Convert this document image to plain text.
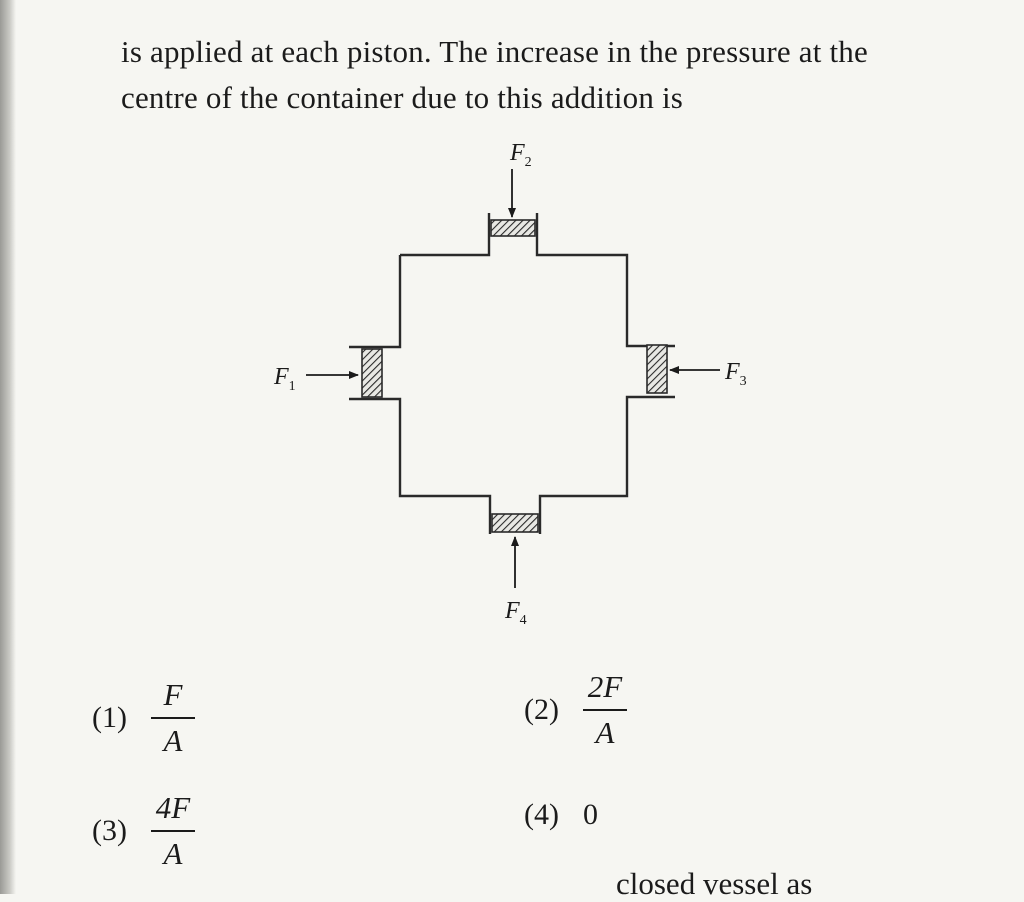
is applied at each piston. The increase in the pressure at the
centre of the container due to this addition is
$F_2$
$F_1$
$F_3$
$F_4$
$(1) \frac{F}{A}$	$(2) \frac{2F}{A}$
$(3) \frac{4F}{A}$	(4) 0
closed vessel as
